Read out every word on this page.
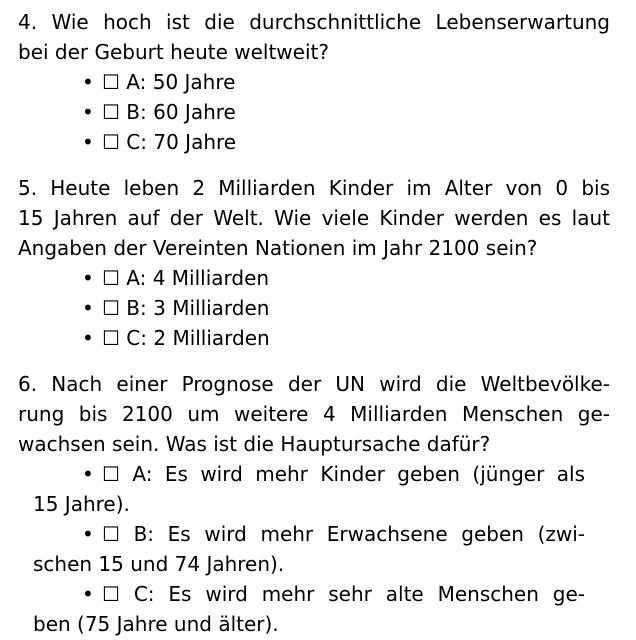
4. Wie hoch ist die durchschnittliche Lebenserwartung
bei der Geburt heute weltweit?
• ☐ A: 50 Jahre
• ☐ B: 60 Jahre
• ☐ C: 70 Jahre
5. Heute leben 2 Milliarden Kinder im Alter von 0 bis
15 Jahren auf der Welt. Wie viele Kinder werden es laut
Angaben der Vereinten Nationen im Jahr 2100 sein?
• ☐ A: 4 Milliarden
• ☐ B: 3 Milliarden
• ☐ C: 2 Milliarden
6. Nach einer Prognose der UN wird die Weltbevölke-
rung bis 2100 um weitere 4 Milliarden Menschen ge-
wachsen sein. Was ist die Hauptursache dafür?
• ☐ A: Es wird mehr Kinder geben (jünger als
15 Jahre).
• ☐ B: Es wird mehr Erwachsene geben (zwi-
schen 15 und 74 Jahren).
• ☐ C: Es wird mehr sehr alte Menschen ge-
ben (75 Jahre und älter).
